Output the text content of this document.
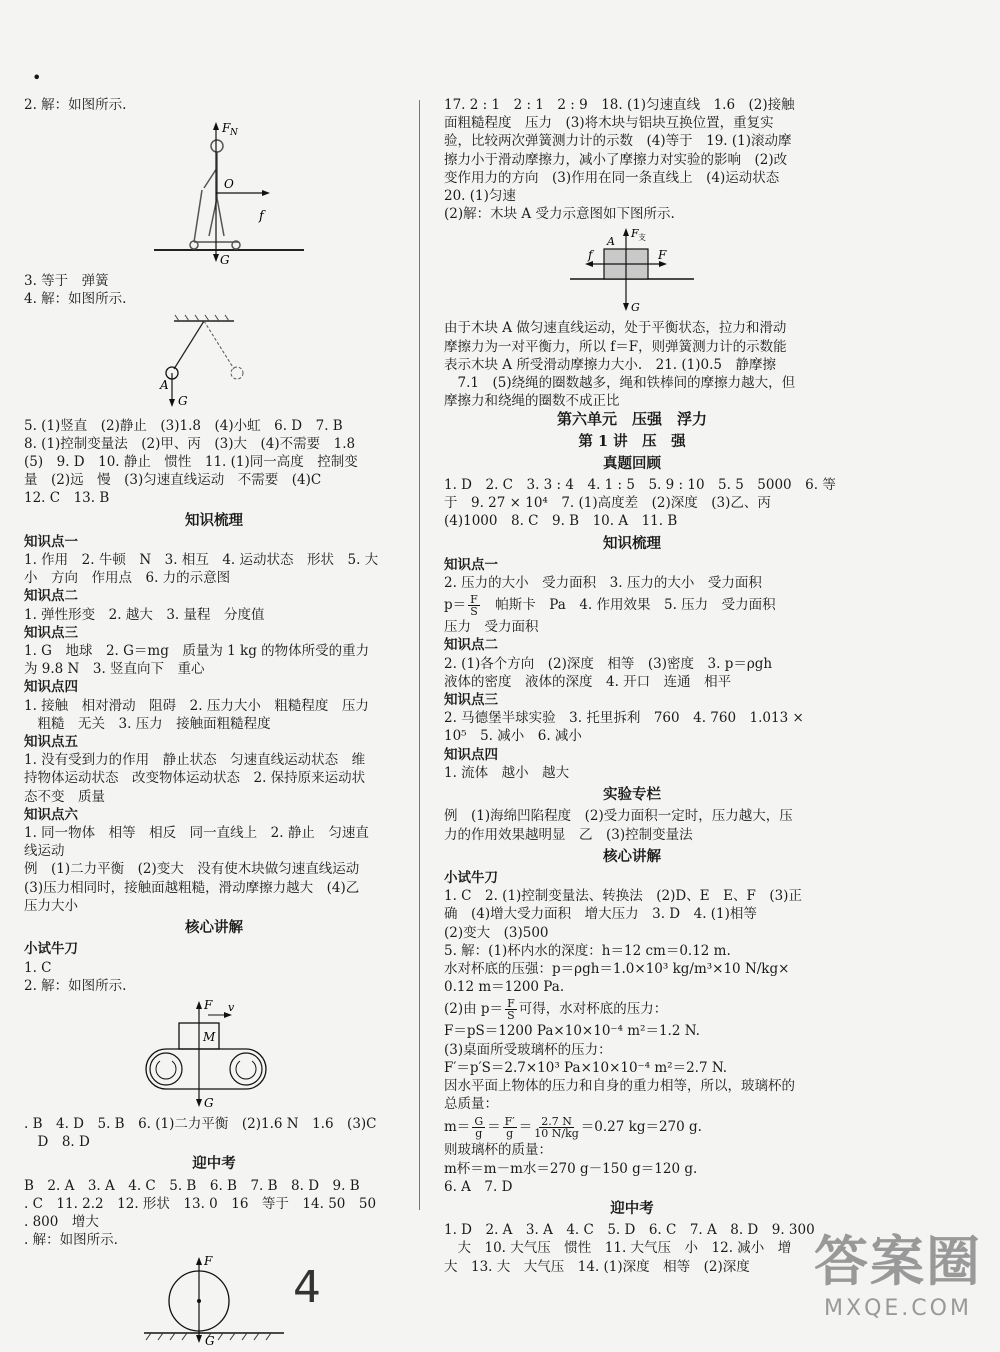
•
2. 解：如图所示.
F N
O
f
G
3. 等于　弹簧
4. 解：如图所示.
A
G
5. (1)竖直　(2)静止　(3)1.8　(4)小虹　6. D　7. B
8. (1)控制变量法　(2)甲、丙　(3)大　(4)不需要　1.8
(5)　9. D　10. 静止　惯性　11. (1)同一高度　控制变
量　(2)远　慢　(3)匀速直线运动　不需要　(4)C
12. C　13. B
知识梳理
知识点一
1. 作用　2. 牛顿　N　3. 相互　4. 运动状态　形状　5. 大
小　方向　作用点　6. 力的示意图
知识点二
1. 弹性形变　2. 越大　3. 量程　分度值
知识点三
1. G　地球　2. G＝mg　质量为 1 kg 的物体所受的重力
为 9.8 N　3. 竖直向下　重心
知识点四
1. 接触　相对滑动　阻碍　2. 压力大小　粗糙程度　压力
　粗糙　无关　3. 压力　接触面粗糙程度
知识点五
1. 没有受到力的作用　静止状态　匀速直线运动状态　维
持物体运动状态　改变物体运动状态　2. 保持原来运动状
态不变　质量
知识点六
1. 同一物体　相等　相反　同一直线上　2. 静止　匀速直
线运动
例　(1)二力平衡　(2)变大　没有使木块做匀速直线运动
(3)压力相同时，接触面越粗糙，滑动摩擦力越大　(4)乙
压力大小
核心讲解
小试牛刀
1. C
2. 解：如图所示.
F v
M
G
. B　4. D　5. B　6. (1)二力平衡　(2)1.6 N　1.6　(3)C
　D　8. D
迎中考
B　2. A　3. A　4. C　5. B　6. B　7. B　8. D　9. B
. C　11. 2.2　12. 形状　13. 0　16　等于　14. 50　50
. 800　增大
. 解：如图所示.
F
G
17. 2 : 1　2 : 1　2 : 9　18. (1)匀速直线　1.6　(2)接触
面粗糙程度　压力　(3)将木块与铝块互换位置，重复实
验，比较两次弹簧测力计的示数　(4)等于　19. (1)滚动摩
擦力小于滑动摩擦力，减小了摩擦力对实验的影响　(2)改
变作用力的方向　(3)作用在同一条直线上　(4)运动状态
20. (1)匀速
(2)解：木块 A 受力示意图如下图所示.
F 支
A
f	F
G
由于木块 A 做匀速直线运动，处于平衡状态，拉力和滑动
摩擦力为一对平衡力，所以 f＝F，则弹簧测力计的示数能
表示木块 A 所受滑动摩擦力大小.　21. (1)0.5　静摩擦
　7.1　(5)绕绳的圈数越多，绳和铁棒间的摩擦力越大，但
摩擦力和绕绳的圈数不成正比
第六单元　压强　浮力
第 1 讲　压　强
真题回顾
1. D　2. C　3. 3 : 4　4. 1 : 5　5. 9 : 10　5. 5　5000　6. 等
于　9. 27 × 10⁴　7. (1)高度差　(2)深度　(3)乙、丙
(4)1000　8. C　9. B　10. A　11. B
知识梳理
知识点一
2. 压力的大小　受力面积　3. 压力的大小　受力面积
$p= \frac{F}{S}$ 　帕斯卡　Pa　4. 作用效果　5. 压力　受力面积
压力　受力面积
知识点二
2. (1)各个方向　(2)深度　相等　(3)密度　3. p＝ρgh
液体的密度　液体的深度　4. 开口　连通　相平
知识点三
2. 马德堡半球实验　3. 托里拆利　760　4. 760　1.013 ×
10⁵　5. 减小　6. 减小
知识点四
1. 流体　越小　越大
实验专栏
例　(1)海绵凹陷程度　(2)受力面积一定时，压力越大，压
力的作用效果越明显　乙　(3)控制变量法
核心讲解
小试牛刀
1. C　2. (1)控制变量法、转换法　(2)D、E　E、F　(3)正
确　(4)增大受力面积　增大压力　3. D　4. (1)相等
(2)变大　(3)500
5. 解：(1)杯内水的深度：h＝12 cm＝0.12 m.
水对杯底的压强：p＝ρgh＝1.0×10³ kg/m³×10 N/kg×
0.12 m＝1200 Pa.
(2)由 $p= \frac{F}{S}$ 可得，水对杯底的压力：
F＝pS＝1200 Pa×10×10⁻⁴ m²＝1.2 N.
(3)桌面所受玻璃杯的压力：
F′＝p′S＝2.7×10³ Pa×10×10⁻⁴ m²＝2.7 N.
因水平面上物体的压力和自身的重力相等，所以，玻璃杯的
总质量：
$m= \frac{G}{g} = \frac{F'}{g} = \frac{2.7 N}{10 N/kg} =0.27$ kg＝270 g.
则玻璃杯的质量：
m杯＝m－m水＝270 g－150 g＝120 g.
6. A　7. D
迎中考
1. D　2. A　3. A　4. C　5. D　6. C　7. A　8. D　9. 300
　大　10. 大气压　惯性　11. 大气压　小　12. 减小　增
大　13. 大　大气压　14. (1)深度　相等　(2)深度
4	答案圈
MXQE.COM
